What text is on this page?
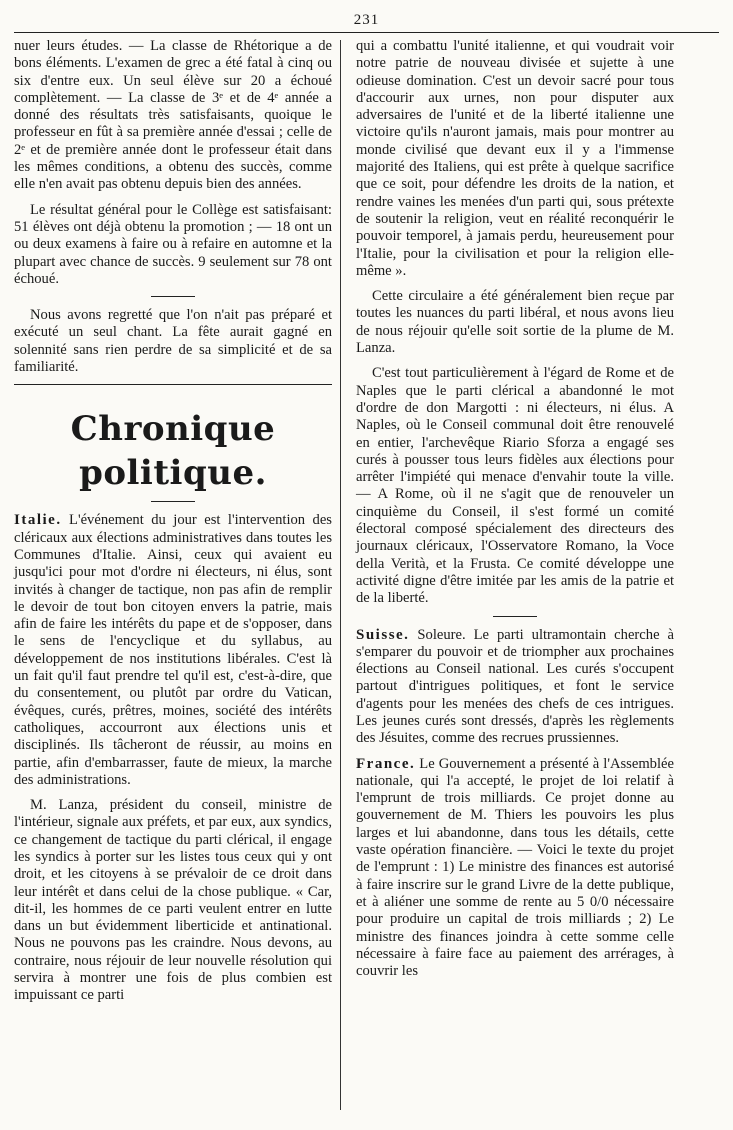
231

nuer leurs études. — La classe de Rhétorique a de bons éléments. L'examen de grec a été fatal à cinq ou six d'entre eux. Un seul élève sur 20 a échoué complètement. — La classe de 3ᵉ et de 4ᵉ année a donné des résultats très satisfaisants, quoique le professeur en fût à sa première année d'essai ; celle de 2ᵉ et de première année dont le professeur était dans les mêmes conditions, a obtenu des succès, comme elle n'en avait pas obtenu depuis bien des années.

Le résultat général pour le Collège est satisfaisant: 51 élèves ont déjà obtenu la promotion ; — 18 ont un ou deux examens à faire ou à refaire en automne et la plupart avec chance de succès. 9 seulement sur 78 ont échoué.

Nous avons regretté que l'on n'ait pas préparé et exécuté un seul chant. La fête aurait gagné en solennité sans rien perdre de sa simplicité et de sa familiarité.

Chronique politique.

Italie. L'événement du jour est l'intervention des cléricaux aux élections administratives dans toutes les Communes d'Italie. Ainsi, ceux qui avaient eu jusqu'ici pour mot d'ordre ni électeurs, ni élus, sont invités à changer de tactique, non pas afin de remplir le devoir de tout bon citoyen envers la patrie, mais afin de faire les intérêts du pape et de s'opposer, dans le sens de l'encyclique et du syllabus, au développement de nos institutions libérales. C'est là un fait qu'il faut prendre tel qu'il est, c'est-à-dire, que du consentement, ou plutôt par ordre du Vatican, évêques, curés, prêtres, moines, société des intérêts catholiques, accourront aux élections unis et disciplinés. Ils tâcheront de réussir, au moins en partie, afin d'embarrasser, faute de mieux, la marche des administrations.

M. Lanza, président du conseil, ministre de l'intérieur, signale aux préfets, et par eux, aux syndics, ce changement de tactique du parti clérical, il engage les syndics à porter sur les listes tous ceux qui y ont droit, et les citoyens à se prévaloir de ce droit dans leur intérêt et dans celui de la chose publique. « Car, dit-il, les hommes de ce parti veulent entrer en lutte dans un but évidemment liberticide et antinational. Nous ne pouvons pas les craindre. Nous devons, au contraire, nous réjouir de leur nouvelle résolution qui servira à montrer une fois de plus combien est impuissant ce parti

qui a combattu l'unité italienne, et qui voudrait voir notre patrie de nouveau divisée et sujette à une odieuse domination. C'est un devoir sacré pour tous d'accourir aux urnes, non pour disputer aux adversaires de l'unité et de la liberté italienne une victoire qu'ils n'auront jamais, mais pour montrer au monde civilisé que devant eux il y a l'immense majorité des Italiens, qui est prête à quelque sacrifice que ce soit, pour défendre les droits de la nation, et rendre vaines les menées d'un parti qui, sous prétexte de soutenir la religion, veut en réalité reconquérir le pouvoir temporel, à jamais perdu, heureusement pour l'Italie, pour la civilisation et pour la religion elle-même ».

Cette circulaire a été généralement bien reçue par toutes les nuances du parti libéral, et nous avons lieu de nous réjouir qu'elle soit sortie de la plume de M. Lanza.

C'est tout particulièrement à l'égard de Rome et de Naples que le parti clérical a abandonné le mot d'ordre de don Margotti : ni électeurs, ni élus. A Naples, où le Conseil communal doit être renouvelé en entier, l'archevêque Riario Sforza a engagé ses curés à pousser tous leurs fidèles aux élections pour arrêter l'impiété qui menace d'envahir toute la ville. — A Rome, où il ne s'agit que de renouveler un cinquième du Conseil, il s'est formé un comité électoral composé spécialement des directeurs des journaux cléricaux, l'Osservatore Romano, la Voce della Verità, et la Frusta. Ce comité développe une activité digne d'être imitée par les amis de la patrie et de la liberté.

Suisse. Soleure. Le parti ultramontain cherche à s'emparer du pouvoir et de triompher aux prochaines élections au Conseil national. Les curés s'occupent partout d'intrigues politiques, et font le service d'agents pour les menées des chefs de ces intrigues. Les jeunes curés sont dressés, d'après les règlements des Jésuites, comme des recrues prussiennes.

France. Le Gouvernement a présenté à l'Assemblée nationale, qui l'a accepté, le projet de loi relatif à l'emprunt de trois milliards. Ce projet donne au gouvernement de M. Thiers les pouvoirs les plus larges et lui abandonne, dans tous les détails, cette vaste opération financière. — Voici le texte du projet de l'emprunt : 1) Le ministre des finances est autorisé à faire inscrire sur le grand Livre de la dette publique, et à aliéner une somme de rente au 5 0/0 nécessaire pour produire un capital de trois milliards ; 2) Le ministre des finances joindra à cette somme celle nécessaire à faire face au paiement des arrérages, à couvrir les
